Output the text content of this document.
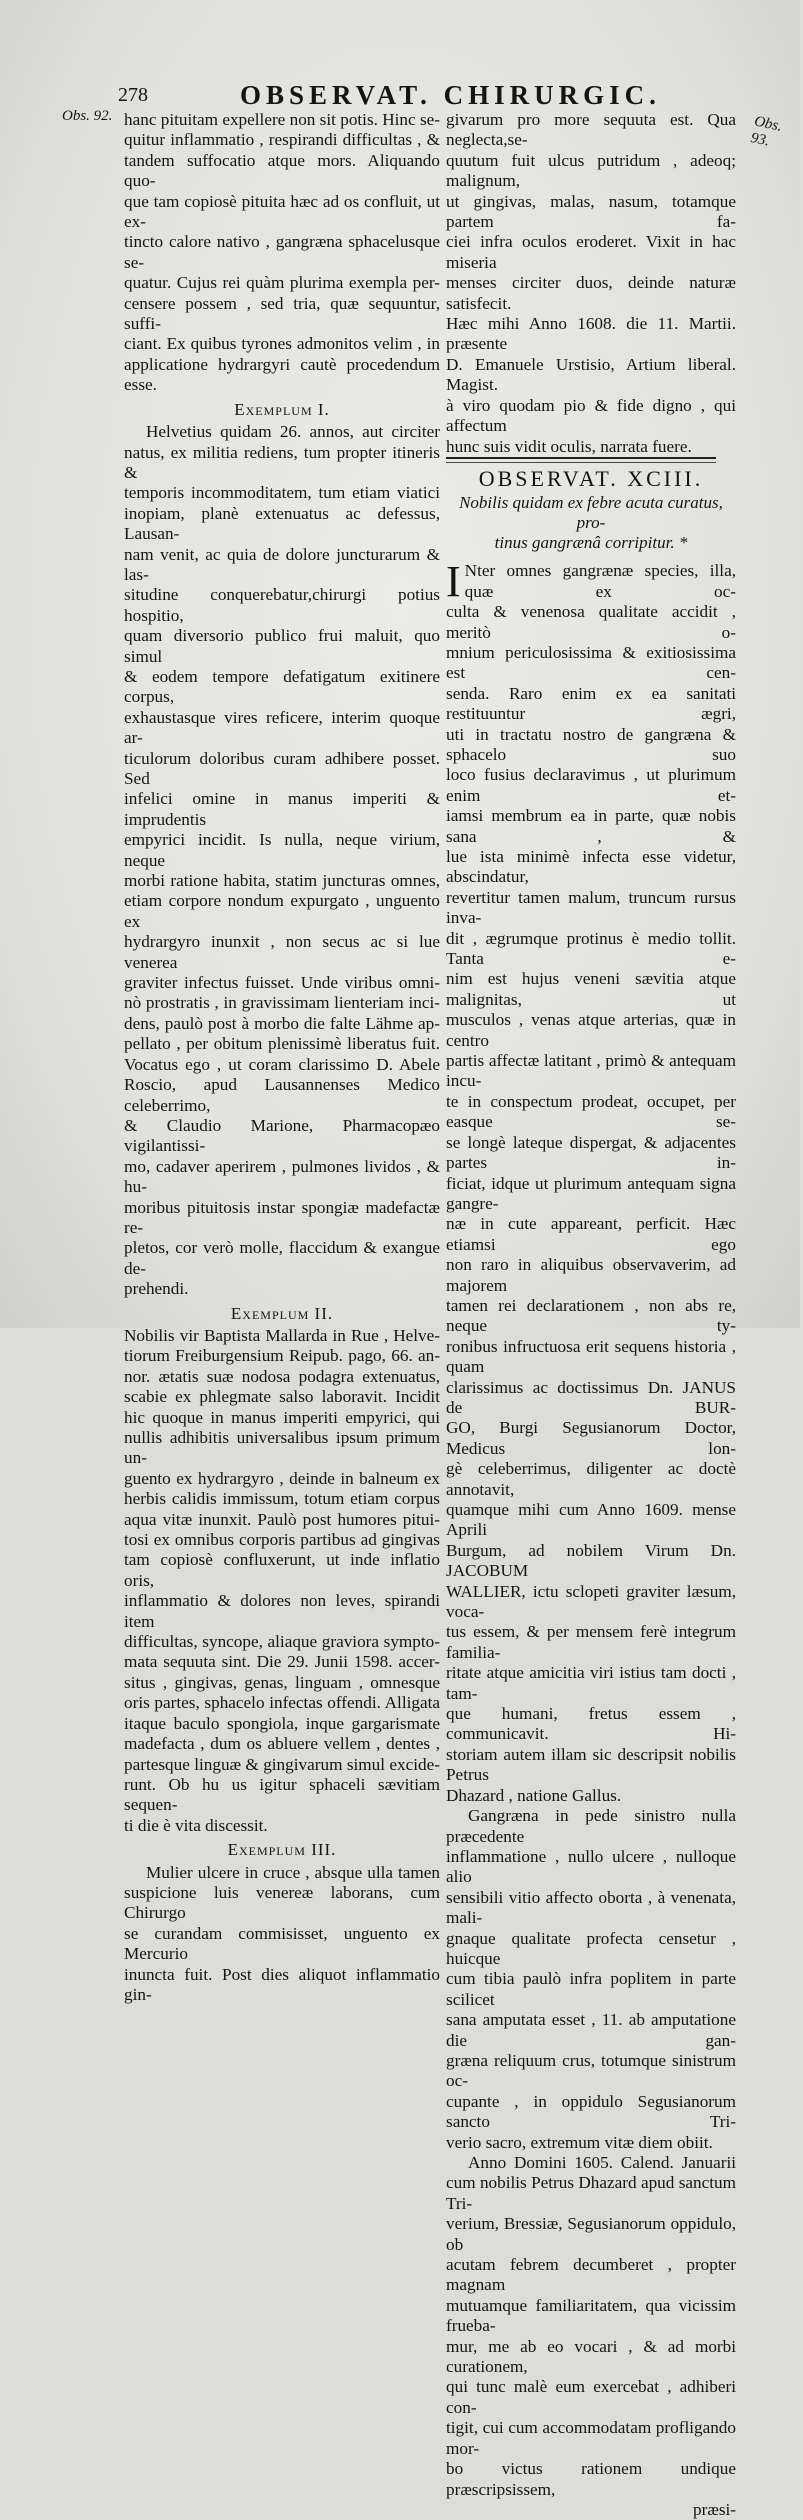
278	OBSERVAT. CHIRURGIC.
Obs. 92.	Obs. 93.
hanc pituitam expellere non sit potis. Hinc se-
quitur inflammatio , respirandi difficultas , &
tandem suffocatio atque mors. Aliquando quo-
que tam copiosè pituita hæc ad os confluit, ut ex-
tincto calore nativo , gangræna sphacelusque se-
quatur. Cujus rei quàm plurima exempla per-
censere possem , sed tria, quæ sequuntur, suffi-
ciant. Ex quibus tyrones admonitos velim , in
applicatione hydrargyri cautè procedendum
esse.
Exemplum I.
Helvetius quidam 26. annos, aut circiter
natus, ex militia rediens, tum propter itineris &
temporis incommoditatem, tum etiam viatici
inopiam, planè extenuatus ac defessus, Lausan-
nam venit, ac quia de dolore juncturarum & las-
situdine conquerebatur,chirurgi potius hospitio,
quam diversorio publico frui maluit, quo simul
& eodem tempore defatigatum exitinere corpus,
exhaustasque vires reficere, interim quoque ar-
ticulorum doloribus curam adhibere posset. Sed
infelici omine in manus imperiti & imprudentis
empyrici incidit. Is nulla, neque virium, neque
morbi ratione habita, statim juncturas omnes,
etiam corpore nondum expurgato , unguento ex
hydrargyro inunxit , non secus ac si lue venerea
graviter infectus fuisset. Unde viribus omni-
nò prostratis , in gravissimam lienteriam inci-
dens, paulò post à morbo die falte Lähme ap-
pellato , per obitum plenissimè liberatus fuit.
Vocatus ego , ut coram clarissimo D. Abele
Roscio, apud Lausannenses Medico celeberrimo,
& Claudio Marione, Pharmacopæo vigilantissi-
mo, cadaver aperirem , pulmones lividos , & hu-
moribus pituitosis instar spongiæ madefactæ re-
pletos, cor verò molle, flaccidum & exangue de-
prehendi.
Exemplum II.
Nobilis vir Baptista Mallarda in Rue , Helve-
tiorum Freiburgensium Reipub. pago, 66. an-
nor. ætatis suæ nodosa podagra extenuatus,
scabie ex phlegmate salso laboravit. Incidit
hic quoque in manus imperiti empyrici, qui
nullis adhibitis universalibus ipsum primum un-
guento ex hydrargyro , deinde in balneum ex
herbis calidis immissum, totum etiam corpus
aqua vitæ inunxit. Paulò post humores pitui-
tosi ex omnibus corporis partibus ad gingivas
tam copiosè confluxerunt, ut inde inflatio oris,
inflammatio & dolores non leves, spirandi item
difficultas, syncope, aliaque graviora sympto-
mata sequuta sint. Die 29. Junii 1598. accer-
situs , gingivas, genas, linguam , omnesque
oris partes, sphacelo infectas offendi. Alligata
itaque baculo spongiola, inque gargarismate
madefacta , dum os abluere vellem , dentes ,
partesque linguæ & gingivarum simul excide-
runt. Ob hu us igitur sphaceli sævitiam sequen-
ti die è vita discessit.
Exemplum III.
Mulier ulcere in cruce , absque ulla tamen
suspicione luis venereæ laborans, cum Chirurgo
se curandam commisisset, unguento ex Mercurio
inuncta fuit. Post dies aliquot inflammatio gin-
givarum pro more sequuta est. Qua neglecta,se-
quutum fuit ulcus putridum , adeoq; malignum,
ut gingivas, malas, nasum, totamque partem fa-
ciei infra oculos eroderet. Vixit in hac miseria
menses circiter duos, deinde naturæ satisfecit.
Hæc mihi Anno 1608. die 11. Martii. præsente
D. Emanuele Urstisio, Artium liberal. Magist.
à viro quodam pio & fide digno , qui affectum
hunc suis vidit oculis, narrata fuere.
OBSERVAT. XCIII.
Nobilis quidam ex febre acuta curatus, pro-
tinus gangrænâ corripitur. *
I Nter omnes gangrænæ species, illa, quæ ex oc-
culta & venenosa qualitate accidit , meritò o-
mnium periculosissima & exitiosissima est cen-
senda. Raro enim ex ea sanitati restituuntur ægri,
uti in tractatu nostro de gangræna & sphacelo suo
loco fusius declaravimus , ut plurimum enim et-
iamsi membrum ea in parte, quæ nobis sana , &
lue ista minimè infecta esse videtur, abscindatur,
revertitur tamen malum, truncum rursus inva-
dit , ægrumque protinus è medio tollit. Tanta e-
nim est hujus veneni sævitia atque malignitas, ut
musculos , venas atque arterias, quæ in centro
partis affectæ latitant , primò & antequam incu-
te in conspectum prodeat, occupet, per easque se-
se longè lateque dispergat, & adjacentes partes in-
ficiat, idque ut plurimum antequam signa gangre-
næ in cute appareant, perficit. Hæc etiamsi ego
non raro in aliquibus observaverim, ad majorem
tamen rei declarationem , non abs re, neque ty-
ronibus infructuosa erit sequens historia , quam
clarissimus ac doctissimus Dn. JANUS de BUR-
GO, Burgi Segusianorum Doctor, Medicus lon-
gè celeberrimus, diligenter ac doctè annotavit,
quamque mihi cum Anno 1609. mense Aprili
Burgum, ad nobilem Virum Dn. JACOBUM
WALLIER, ictu sclopeti graviter læsum, voca-
tus essem, & per mensem ferè integrum familia-
ritate atque amicitia viri istius tam docti , tam-
que humani, fretus essem , communicavit. Hi-
storiam autem illam sic descripsit nobilis Petrus
Dhazard , natione Gallus.
Gangræna in pede sinistro nulla præcedente
inflammatione , nullo ulcere , nulloque alio
sensibili vitio affecto oborta , à venenata, mali-
gnaque qualitate profecta censetur , huicque
cum tibia paulò infra poplitem in parte scilicet
sana amputata esset , 11. ab amputatione die gan-
græna reliquum crus, totumque sinistrum oc-
cupante , in oppidulo Segusianorum sancto Tri-
verio sacro, extremum vitæ diem obiit.
Anno Domini 1605. Calend. Januarii
cum nobilis Petrus Dhazard apud sanctum Tri-
verium, Bressiæ, Segusianorum oppidulo, ob
acutam febrem decumberet , propter magnam
mutuamque familiaritatem, qua vicissim frueba-
mur, me ab eo vocari , & ad morbi curationem,
qui tunc malè eum exercebat , adhiberi con-
tigit, cui cum accommodatam profligando mor-
bo victus rationem undique præscripsissem,
præsi-
